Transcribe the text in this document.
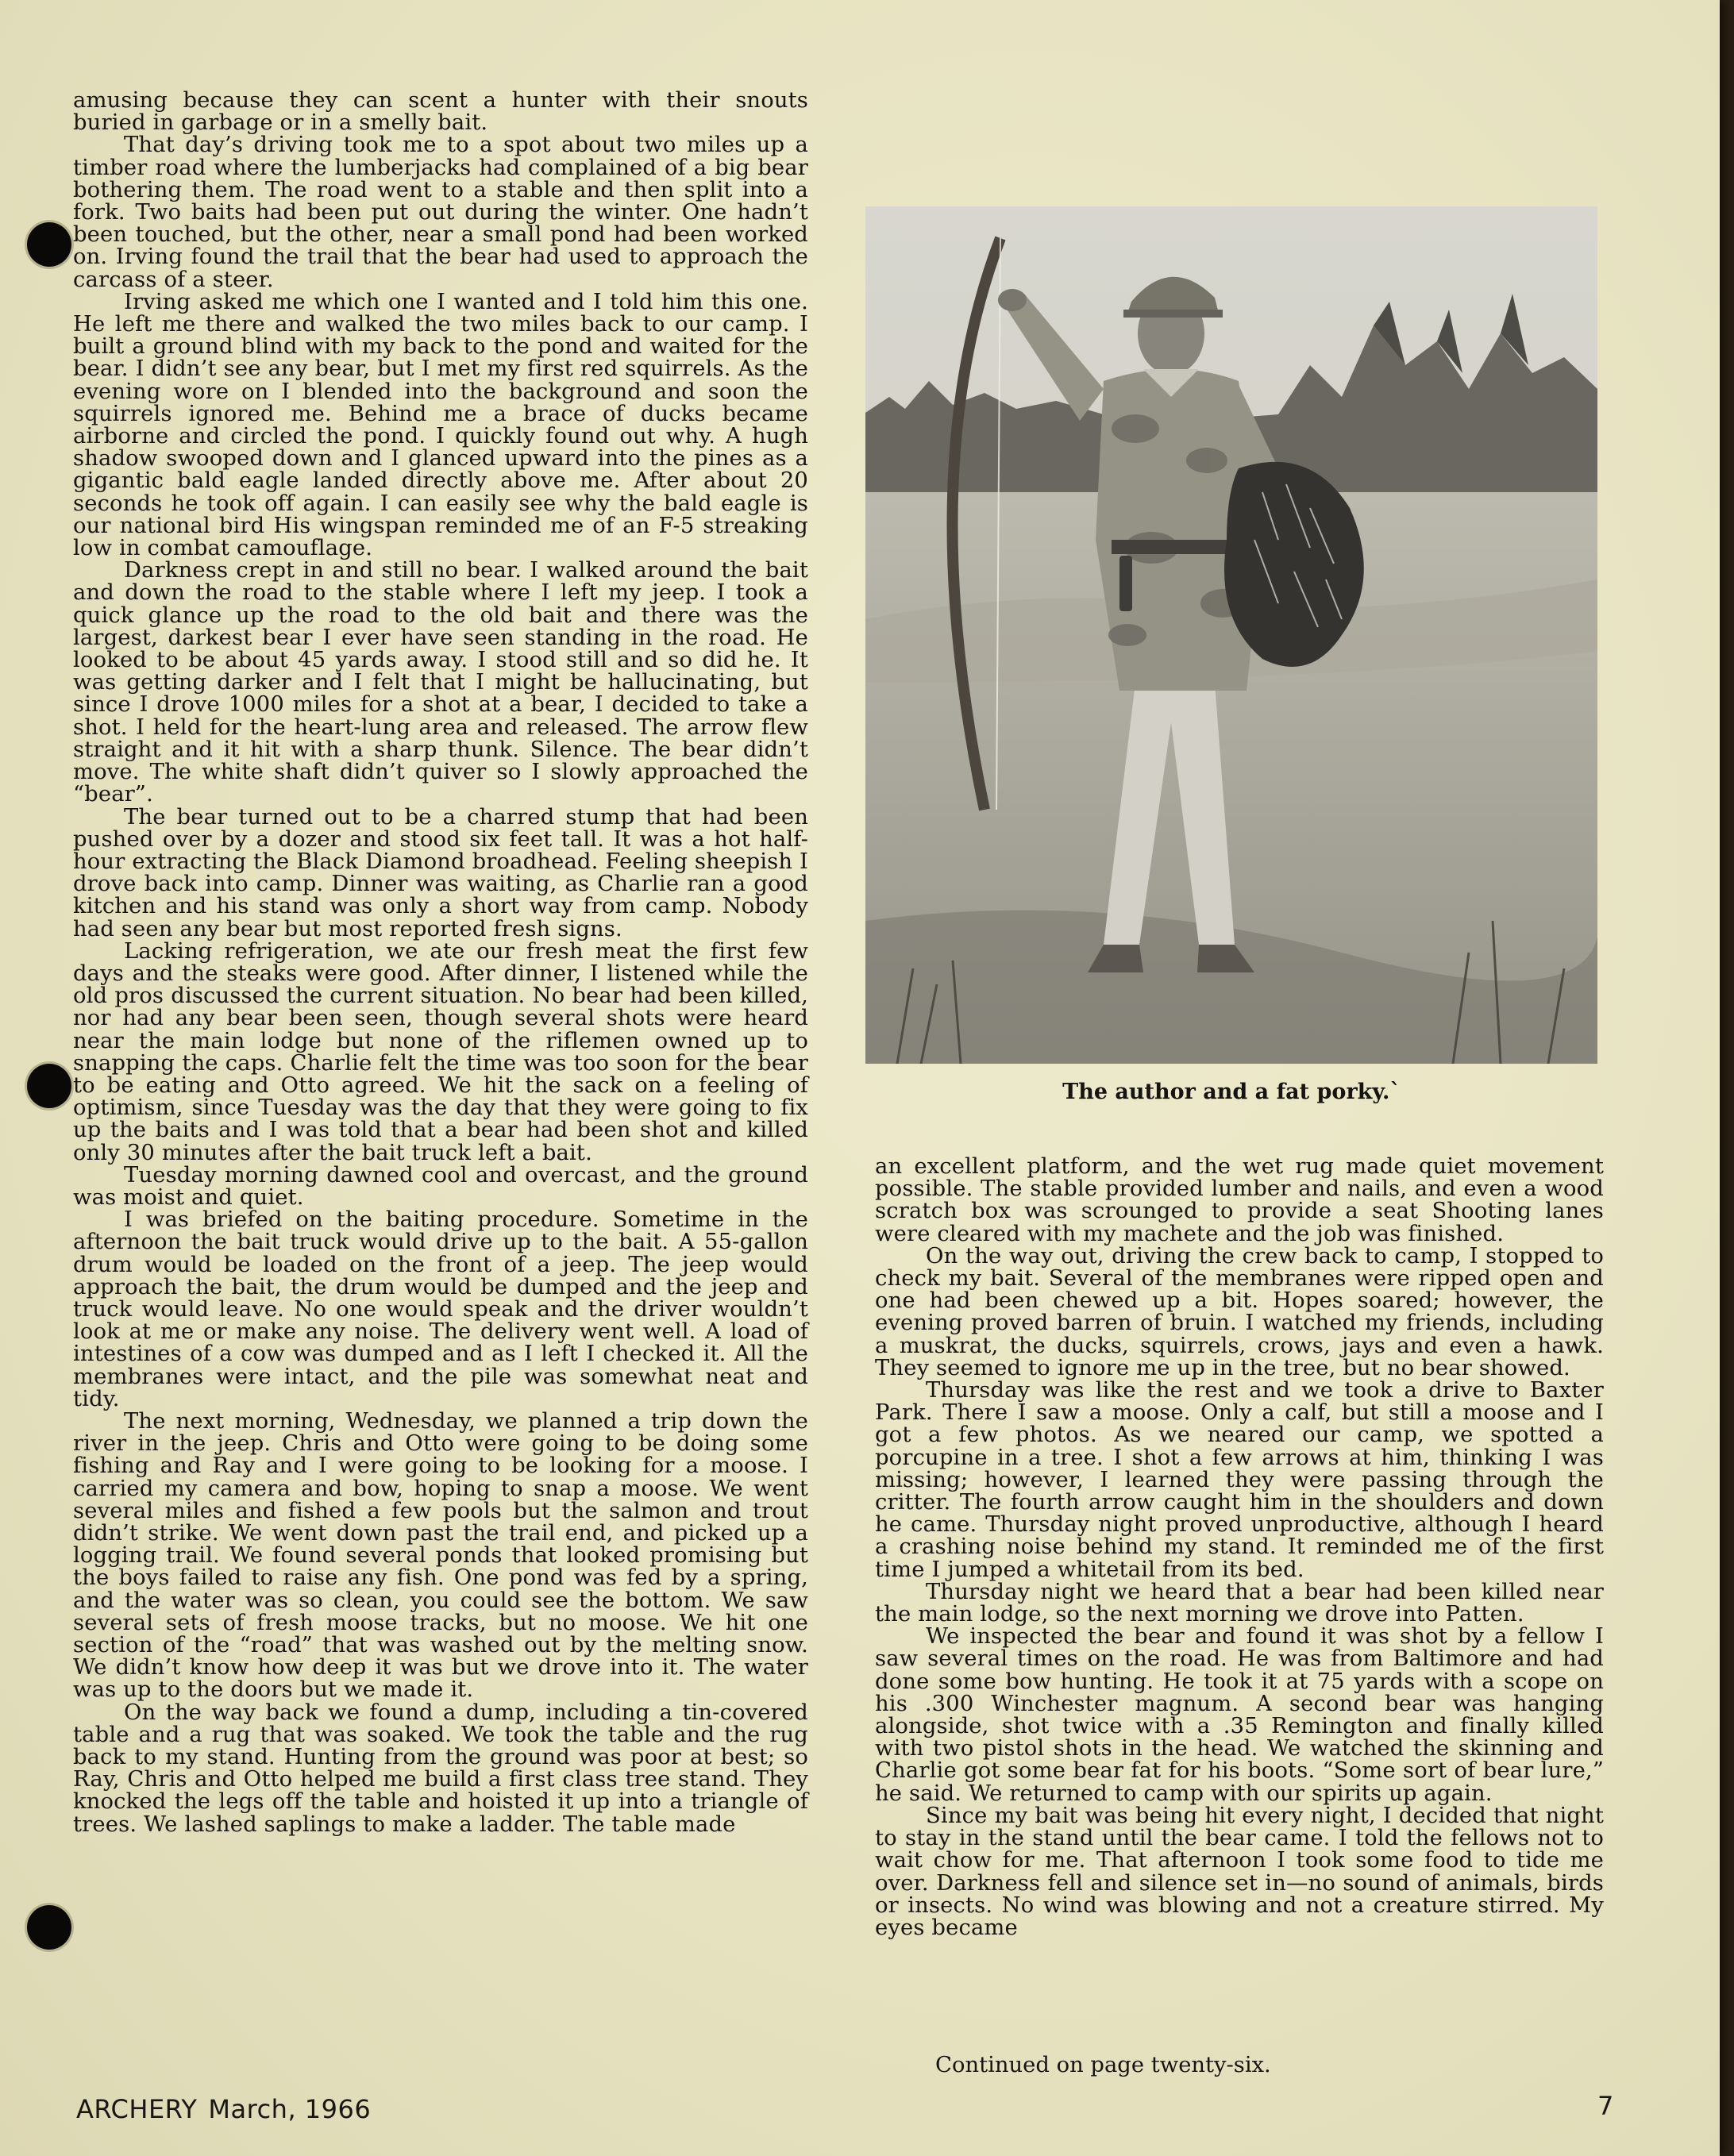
amusing because they can scent a hunter with their snouts buried in garbage or in a smelly bait.

That day’s driving took me to a spot about two miles up a timber road where the lumberjacks had complained of a big bear bothering them. The road went to a stable and then split into a fork. Two baits had been put out during the winter. One hadn’t been touched, but the other, near a small pond had been worked on. Irving found the trail that the bear had used to approach the carcass of a steer.

Irving asked me which one I wanted and I told him this one. He left me there and walked the two miles back to our camp. I built a ground blind with my back to the pond and waited for the bear. I didn’t see any bear, but I met my first red squirrels. As the evening wore on I blended into the background and soon the squirrels ignored me. Behind me a brace of ducks became airborne and circled the pond. I quickly found out why. A hugh shadow swooped down and I glanced upward into the pines as a gigantic bald eagle landed directly above me. After about 20 seconds he took off again. I can easily see why the bald eagle is our national bird His wingspan reminded me of an F-5 streaking low in combat camouflage.

Darkness crept in and still no bear. I walked around the bait and down the road to the stable where I left my jeep. I took a quick glance up the road to the old bait and there was the largest, darkest bear I ever have seen standing in the road. He looked to be about 45 yards away. I stood still and so did he. It was getting darker and I felt that I might be hallucinating, but since I drove 1000 miles for a shot at a bear, I decided to take a shot. I held for the heart-lung area and released. The arrow flew straight and it hit with a sharp thunk. Silence. The bear didn’t move. The white shaft didn’t quiver so I slowly approached the “bear”.

The bear turned out to be a charred stump that had been pushed over by a dozer and stood six feet tall. It was a hot half-hour extracting the Black Diamond broadhead. Feeling sheepish I drove back into camp. Dinner was waiting, as Charlie ran a good kitchen and his stand was only a short way from camp. Nobody had seen any bear but most reported fresh signs.

Lacking refrigeration, we ate our fresh meat the first few days and the steaks were good. After dinner, I listened while the old pros discussed the current situation. No bear had been killed, nor had any bear been seen, though several shots were heard near the main lodge but none of the riflemen owned up to snapping the caps. Charlie felt the time was too soon for the bear to be eating and Otto agreed. We hit the sack on a feeling of optimism, since Tuesday was the day that they were going to fix up the baits and I was told that a bear had been shot and killed only 30 minutes after the bait truck left a bait.

Tuesday morning dawned cool and overcast, and the ground was moist and quiet.

I was briefed on the baiting procedure. Sometime in the afternoon the bait truck would drive up to the bait. A 55-gallon drum would be loaded on the front of a jeep. The jeep would approach the bait, the drum would be dumped and the jeep and truck would leave. No one would speak and the driver wouldn’t look at me or make any noise. The delivery went well. A load of intestines of a cow was dumped and as I left I checked it. All the membranes were intact, and the pile was somewhat neat and tidy.

The next morning, Wednesday, we planned a trip down the river in the jeep. Chris and Otto were going to be doing some fishing and Ray and I were going to be looking for a moose. I carried my camera and bow, hoping to snap a moose. We went several miles and fished a few pools but the salmon and trout didn’t strike. We went down past the trail end, and picked up a logging trail. We found several ponds that looked promising but the boys failed to raise any fish. One pond was fed by a spring, and the water was so clean, you could see the bottom. We saw several sets of fresh moose tracks, but no moose. We hit one section of the “road” that was washed out by the melting snow. We didn’t know how deep it was but we drove into it. The water was up to the doors but we made it.

On the way back we found a dump, including a tin-covered table and a rug that was soaked. We took the table and the rug back to my stand. Hunting from the ground was poor at best; so Ray, Chris and Otto helped me build a first class tree stand. They knocked the legs off the table and hoisted it up into a triangle of trees. We lashed saplings to make a ladder. The table made

The author and a fat porky.`

an excellent platform, and the wet rug made quiet movement possible. The stable provided lumber and nails, and even a wood scratch box was scrounged to provide a seat Shooting lanes were cleared with my machete and the job was finished.

On the way out, driving the crew back to camp, I stopped to check my bait. Several of the membranes were ripped open and one had been chewed up a bit. Hopes soared; however, the evening proved barren of bruin. I watched my friends, including a muskrat, the ducks, squirrels, crows, jays and even a hawk. They seemed to ignore me up in the tree, but no bear showed.

Thursday was like the rest and we took a drive to Baxter Park. There I saw a moose. Only a calf, but still a moose and I got a few photos. As we neared our camp, we spotted a porcupine in a tree. I shot a few arrows at him, thinking I was missing; however, I learned they were passing through the critter. The fourth arrow caught him in the shoulders and down he came. Thursday night proved unproductive, although I heard a crashing noise behind my stand. It reminded me of the first time I jumped a whitetail from its bed.

Thursday night we heard that a bear had been killed near the main lodge, so the next morning we drove into Patten.

We inspected the bear and found it was shot by a fellow I saw several times on the road. He was from Baltimore and had done some bow hunting. He took it at 75 yards with a scope on his .300 Winchester magnum. A second bear was hanging alongside, shot twice with a .35 Remington and finally killed with two pistol shots in the head. We watched the skinning and Charlie got some bear fat for his boots. “Some sort of bear lure,” he said. We returned to camp with our spirits up again.

Since my bait was being hit every night, I decided that night to stay in the stand until the bear came. I told the fellows not to wait chow for me. That afternoon I took some food to tide me over. Darkness fell and silence set in—no sound of animals, birds or insects. No wind was blowing and not a creature stirred. My eyes became

Continued on page twenty-six.
ARCHERY March, 1966	7
